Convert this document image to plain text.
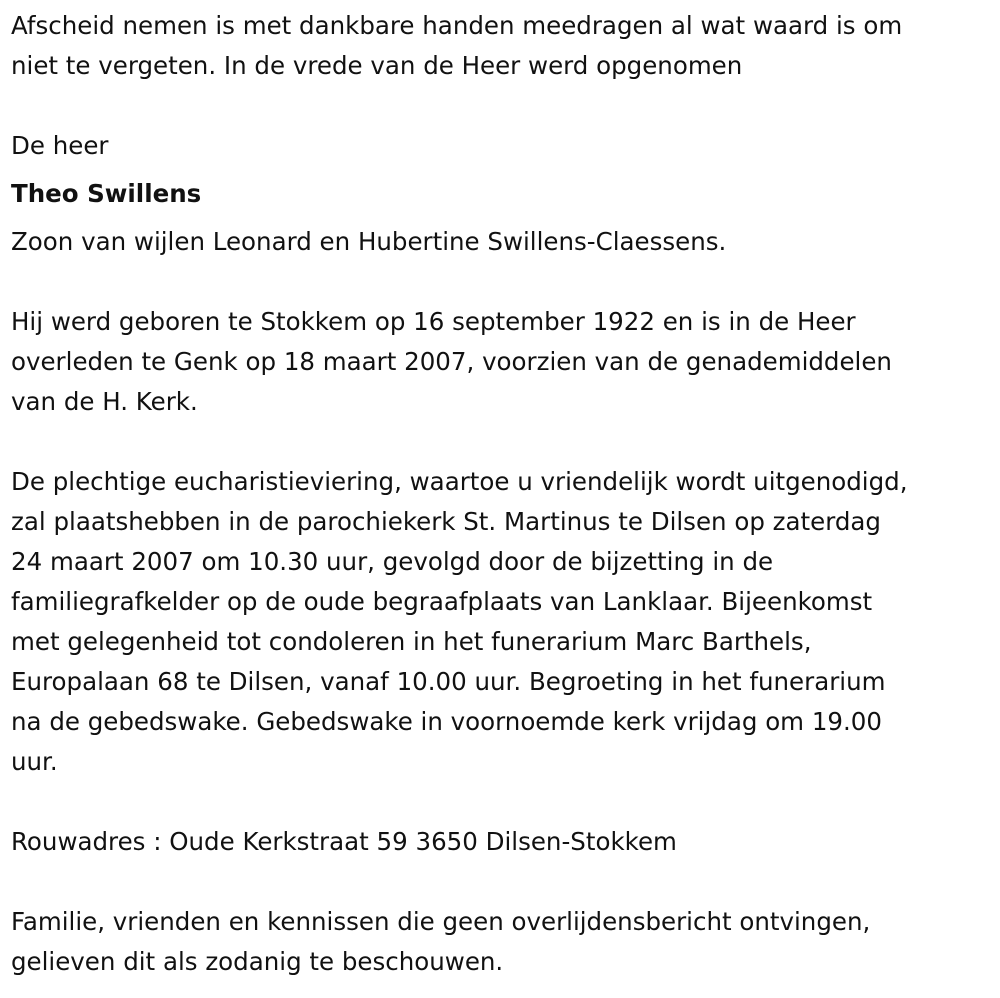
Afscheid nemen is met dankbare handen meedragen al wat waard is om
niet te vergeten. In de vrede van de Heer werd opgenomen
De heer
Theo Swillens
Zoon van wijlen Leonard en Hubertine Swillens-Claessens.
Hij werd geboren te Stokkem op 16 september 1922 en is in de Heer
overleden te Genk op 18 maart 2007, voorzien van de genademiddelen
van de H. Kerk.
De plechtige eucharistieviering, waartoe u vriendelijk wordt uitgenodigd,
zal plaatshebben in de parochiekerk St. Martinus te Dilsen op zaterdag
24 maart 2007 om 10.30 uur, gevolgd door de bijzetting in de
familiegrafkelder op de oude begraafplaats van Lanklaar. Bijeenkomst
met gelegenheid tot condoleren in het funerarium Marc Barthels,
Europalaan 68 te Dilsen, vanaf 10.00 uur. Begroeting in het funerarium
na de gebedswake. Gebedswake in voornoemde kerk vrijdag om 19.00
uur.
Rouwadres : Oude Kerkstraat 59 3650 Dilsen-Stokkem
Familie, vrienden en kennissen die geen overlijdensbericht ontvingen,
gelieven dit als zodanig te beschouwen.
